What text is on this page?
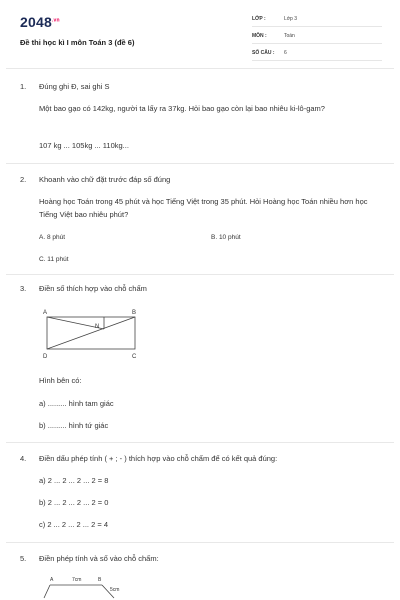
$2048^{.vn}$
Đề thi học kì I môn Toán 3 (đề 6)
LỚP :	Lớp 3
MÔN :	Toán
SỐ CÂU : 6
1. Đúng ghi Đ, sai ghi S
Một bao gạo có 142kg, người ta lấy ra 37kg. Hỏi bao gạo còn lại bao nhiêu ki-lô-gam?
107 kg ... 105kg ... 110kg...
2. Khoanh vào chữ đặt trước đáp số đúng
Hoàng học Toán trong 45 phút và học Tiếng Việt trong 35 phút. Hỏi Hoàng học Toán nhiều hơn học Tiếng Việt bao nhiêu phút?
A. 8 phút	B. 10 phút
C. 11 phút
3. Điền số thích hợp vào chỗ chấm
A	B
N
D	C
Hình bên có:
a) ......... hình tam giác
b) ......... hình tứ giác
4. Điền dấu phép tính ( + ; - ) thích hợp vào chỗ chấm để có kết quả đúng:
a) 2 ... 2 ... 2 ... 2 = 8
b) 2 ... 2 ... 2 ... 2 = 0
c) 2 ... 2 ... 2 ... 2 = 4
5. Điền phép tính và số vào chỗ chấm:
A	7cm	B
5cm
